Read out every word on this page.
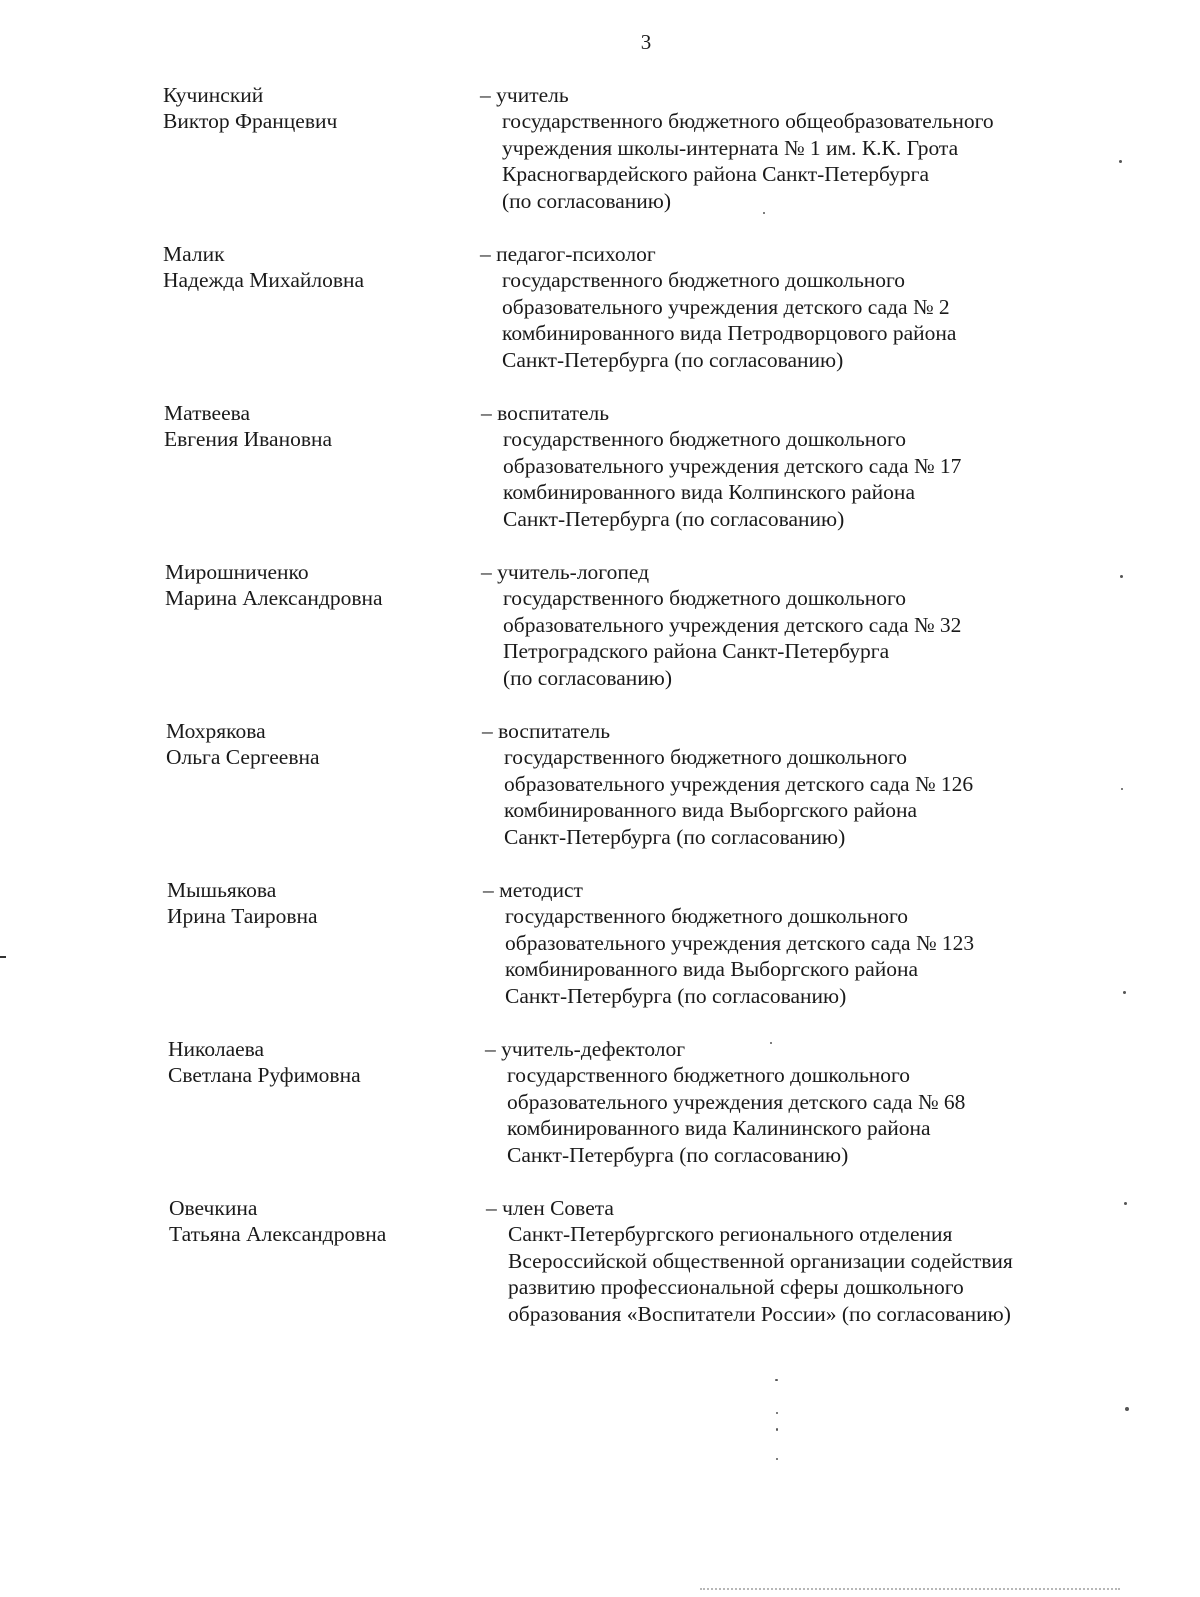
3
Кучинский
Виктор Францевич
– учитель
государственного бюджетного общеобразовательного
учреждения школы-интерната № 1 им. К.К. Грота
Красногвардейского района Санкт-Петербурга
(по согласованию)
Малик
Надежда Михайловна
– педагог-психолог
государственного бюджетного дошкольного
образовательного учреждения детского сада № 2
комбинированного вида Петродворцового района
Санкт-Петербурга (по согласованию)
Матвеева
Евгения Ивановна
– воспитатель
государственного бюджетного дошкольного
образовательного учреждения детского сада № 17
комбинированного вида Колпинского района
Санкт-Петербурга (по согласованию)
Мирошниченко
Марина Александровна
– учитель-логопед
государственного бюджетного дошкольного
образовательного учреждения детского сада № 32
Петроградского района Санкт-Петербурга
(по согласованию)
Мохрякова
Ольга Сергеевна
– воспитатель
государственного бюджетного дошкольного
образовательного учреждения детского сада № 126
комбинированного вида Выборгского района
Санкт-Петербурга (по согласованию)
Мышьякова
Ирина Таировна
– методист
государственного бюджетного дошкольного
образовательного учреждения детского сада № 123
комбинированного вида Выборгского района
Санкт-Петербурга (по согласованию)
Николаева
Светлана Руфимовна
– учитель-дефектолог
государственного бюджетного дошкольного
образовательного учреждения детского сада № 68
комбинированного вида Калининского района
Санкт-Петербурга (по согласованию)
Овечкина
Татьяна Александровна
– член Совета
Санкт-Петербургского регионального отделения
Всероссийской общественной организации содействия
развитию профессиональной сферы дошкольного
образования «Воспитатели России» (по согласованию)
